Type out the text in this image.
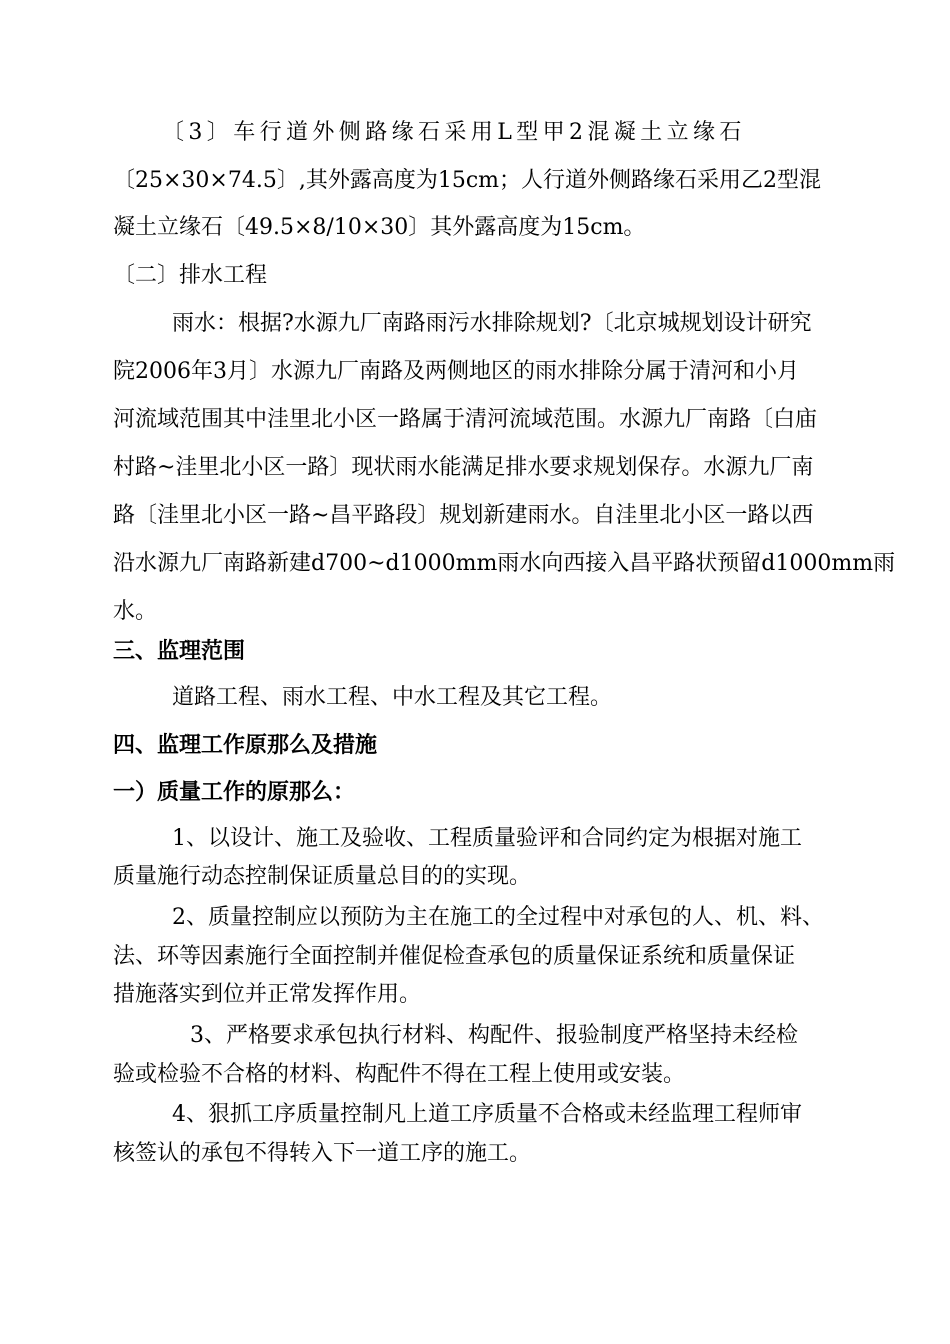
〔3〕车行道外侧路缘石采用L型甲2混凝土立缘石
〔25×30×74.5〕,其外露高度为15cm；人行道外侧路缘石采用乙2型混
凝土立缘石〔49.5×8/10×30〕其外露高度为15cm。
〔二〕排水工程
雨水：根据?水源九厂南路雨污水排除规划?〔北京城规划设计研究
院2006年3月〕水源九厂南路及两侧地区的雨水排除分属于清河和小月
河流域范围其中洼里北小区一路属于清河流域范围。水源九厂南路〔白庙
村路~洼里北小区一路〕现状雨水能满足排水要求规划保存。水源九厂南
路〔洼里北小区一路~昌平路段〕规划新建雨水。自洼里北小区一路以西
沿水源九厂南路新建d700~d1000mm雨水向西接入昌平路状预留d1000mm雨
水。
三、监理范围
道路工程、雨水工程、中水工程及其它工程。
四、监理工作原那么及措施
一）质量工作的原那么：
1、以设计、施工及验收、工程质量验评和合同约定为根据对施工
质量施行动态控制保证质量总目的的实现。
2、质量控制应以预防为主在施工的全过程中对承包的人、机、料、
法、环等因素施行全面控制并催促检查承包的质量保证系统和质量保证
措施落实到位并正常发挥作用。
3、严格要求承包执行材料、构配件、报验制度严格坚持未经检
验或检验不合格的材料、构配件不得在工程上使用或安装。
4、狠抓工序质量控制凡上道工序质量不合格或未经监理工程师审
核签认的承包不得转入下一道工序的施工。
